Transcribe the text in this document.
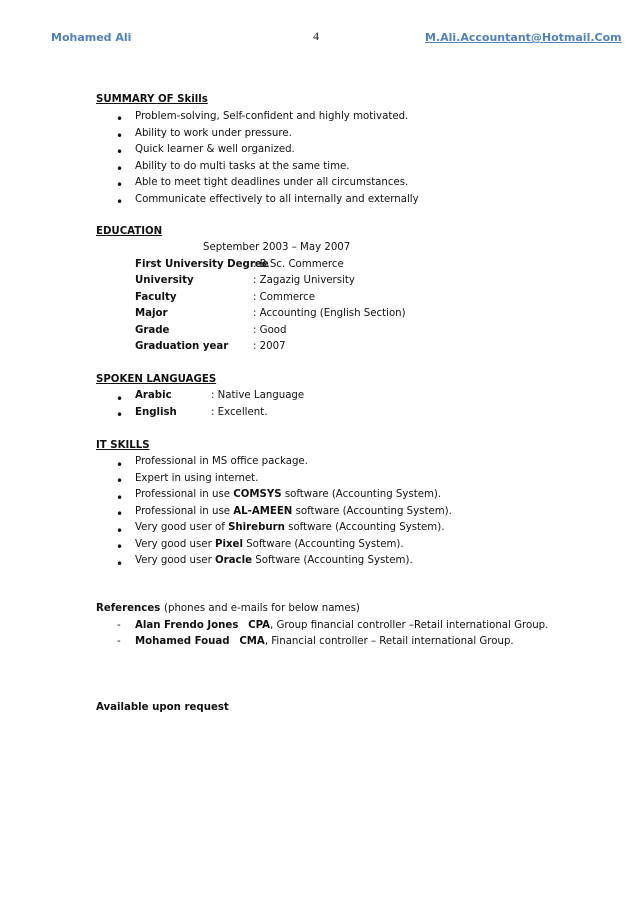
Mohamed Ali	4	M.Ali.Accountant@Hotmail.Com
SUMMARY OF Skills
• Problem-solving, Self-confident and highly motivated.
• Ability to work under pressure.
• Quick learner & well organized.
• Ability to do multi tasks at the same time.
• Able to meet tight deadlines under all circumstances.
• Communicate effectively to all internally and externally
EDUCATION
September 2003 – May 2007
First University Degree
: B.Sc. Commerce
University	: Zagazig University
Faculty	: Commerce
Major	: Accounting (English Section)
Grade	: Good
Graduation year : 2007
SPOKEN LANGUAGES
• Arabic	: Native Language
• English	: Excellent.
IT SKILLS
• Professional in MS office package.
• Expert in using internet.
• Professional in use COMSYS software (Accounting System).
• Professional in use AL-AMEEN software (Accounting System).
• Very good user of Shireburn software (Accounting System).
• Very good user Pixel Software (Accounting System).
• Very good user Oracle Software (Accounting System).
References (phones and e-mails for below names)
- Alan Frendo Jones CPA, Group financial controller –Retail international Group.
- Mohamed Fouad CMA, Financial controller – Retail international Group.
Available upon request
